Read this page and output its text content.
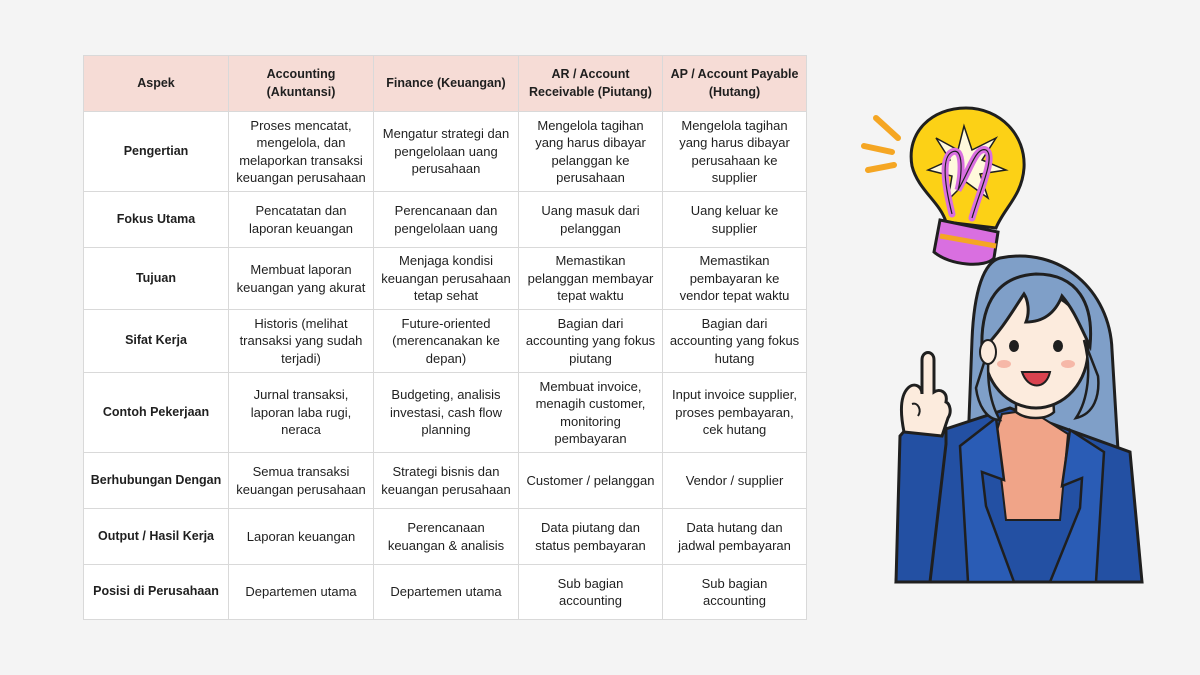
Aspek	Accounting (Akuntansi)	Finance (Keuangan)	AR / Account Receivable (Piutang)	AP / Account Payable (Hutang)
Pengertian	Proses mencatat, mengelola, dan melaporkan transaksi keuangan perusahaan	Mengatur strategi dan pengelolaan uang perusahaan	Mengelola tagihan yang harus dibayar pelanggan ke perusahaan	Mengelola tagihan yang harus dibayar perusahaan ke supplier
Fokus Utama	Pencatatan dan laporan keuangan	Perencanaan dan pengelolaan uang	Uang masuk dari pelanggan	Uang keluar ke supplier
Tujuan	Membuat laporan keuangan yang akurat	Menjaga kondisi keuangan perusahaan tetap sehat	Memastikan pelanggan membayar tepat waktu	Memastikan pembayaran ke vendor tepat waktu
Sifat Kerja	Historis (melihat transaksi yang sudah terjadi)	Future-oriented (merencanakan ke depan)	Bagian dari accounting yang fokus piutang	Bagian dari accounting yang fokus hutang
Contoh Pekerjaan	Jurnal transaksi, laporan laba rugi, neraca	Budgeting, analisis investasi, cash flow planning	Membuat invoice, menagih customer, monitoring pembayaran	Input invoice supplier, proses pembayaran, cek hutang
Berhubungan Dengan	Semua transaksi keuangan perusahaan	Strategi bisnis dan keuangan perusahaan	Customer / pelanggan	Vendor / supplier
Output / Hasil Kerja	Laporan keuangan	Perencanaan keuangan & analisis	Data piutang dan status pembayaran	Data hutang dan jadwal pembayaran
Posisi di Perusahaan	Departemen utama	Departemen utama	Sub bagian accounting	Sub bagian accounting
